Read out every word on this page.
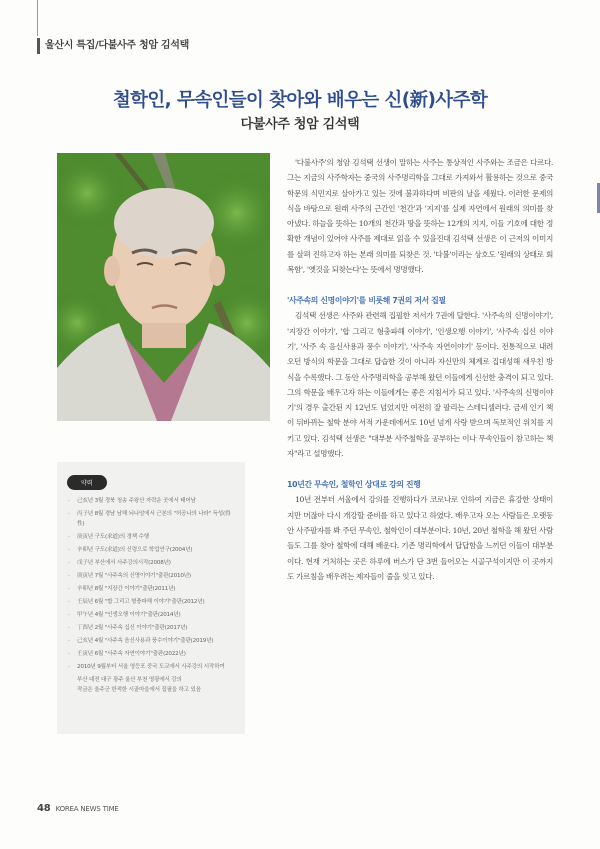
울산시 특집/다불사주 청암 김석택
철학인, 무속인들이 찾아와 배우는 신(新)사주학
다불사주 청암 김석택
약력
- 己亥년 3월 경북 청송 주왕산 자락운 곳에서 태어남
- 丙子년 8월 경남 남해 뇌나암에서 근본의 "허공나의 나라" 득성(得性)
- 庚寅년 구도(求道)의 경책 수행
- 辛卯년 구도(求道)의 신령으로 학업연구(2004년)
- 戊子년 부산에서 사주강의시작(2008년)
- 庚寅년 7월 "사주속의 신명이야기"출판(2010년)
- 辛卯년 8월 "지장간 이야기"출판(2011년)
- 壬辰년 6월 "합 그리고 형충파해 이야기"출판(2012년)
- 甲午년 4월 "인생오행 이야기"출판(2014년)
- 丁酉년 2월 "사주속 십신 이야기"출판(2017년)
- 己亥년 4월 "사주속 음신사용과 풍수이야기"출판(2019년)
- 壬寅년 6월 "사주속 자연이야기"출판(2022년)
- 2010년 9월부터 서울 영등포 중국 도교에서 사주강의 시작하여
부산 대전 대구 광주 울산 부천 영광에서 강의
작금은 울주군 한적한 시골마을에서 집필을 하고 있음

'다불사주'의 청암 김석택 선생이 말하는 사주는 통상적인 사주와는 조금은 다르다. 그는 지금의 사주학자는 중국의 사주명리학을 그대로 가져와서 활용하는 것으로 중국 학문의 식민지로 살아가고 있는 것에 불과하다며 비판의 날을 세웠다. 이러한 문제의식을 바탕으로 원래 사주의 근간인 '천간'과 '지지'를 실제 자연에서 원래의 의미를 찾아냈다. 하늘을 뜻하는 10개의 천간과 땅을 뜻하는 12개의 지지, 이들 기호에 대한 정확한 개념이 있어야 사주를 제대로 읽을 수 있을진대 김석택 선생은 이 근저의 이미지를 살펴 진하고자 하는 본래 의미를 되찾은 것. '다불'이라는 상호도 '원래의 상태로 회복함', '옛것을 되찾는다'는 뜻에서 명명했다.

'사주속의 신명이야기'를 비롯해 7권의 저서 집필

김석택 선생은 사주와 관련해 집필한 저서가 7권에 달한다. '사주속의 신명이야기', '지장간 이야기', '합 그리고 형충파해 이야기', '인생오행 이야기', '사주속 십신 이야기', '사주 속 음신사용과 풍수 이야기', '사주속 자연이야기' 등이다. 전통적으로 내려오던 방식의 학문을 그대로 답습한 것이 아니라 자신만의 체계로 집대성해 새우친 방식을 수록했다. 그 동안 사주명리학을 공부해 왔던 이들에게 신선한 충격이 되고 있다. 그의 학문을 배우고자 하는 이들에게는 좋은 지침서가 되고 있다. '사주속의 신명이야기'의 경우 출간된 지 12년도 넘었지만 여전히 잘 팔리는 스테디셀러다. 금세 인기 책이 뒤바뀌는 철학 분야 서적 가운데에서도 10년 넘게 사랑 받으며 독보적인 위치를 지키고 있다. 김석택 선생은 "대부분 사주철학을 공부하는 이나 무속인들이 참고하는 책자"라고 설명했다.

10년간 무속인, 철학인 상대로 강의 진행

10년 전부터 서울에서 강의를 진행하다가 코로나로 인하여 지금은 휴강한 상태이지만 머잖아 다시 개강할 준비를 하고 있다고 하였다. 배우고자 오는 사람들은 오랫동안 사주팔자를 봐 주던 무속인, 철학인이 대부분이다. 10년, 20년 철학을 해 왔던 사람들도 그를 찾아 철학에 대해 배운다. 기존 명리학에서 답답함을 느끼던 이들이 대부분이다. 현재 거처하는 곳은 하루에 버스가 단 3번 들어오는 시골구석이지만 이 곳까지도 가르침을 배우려는 제자들이 줄을 잇고 있다.

48 KOREA NEWS TIME
